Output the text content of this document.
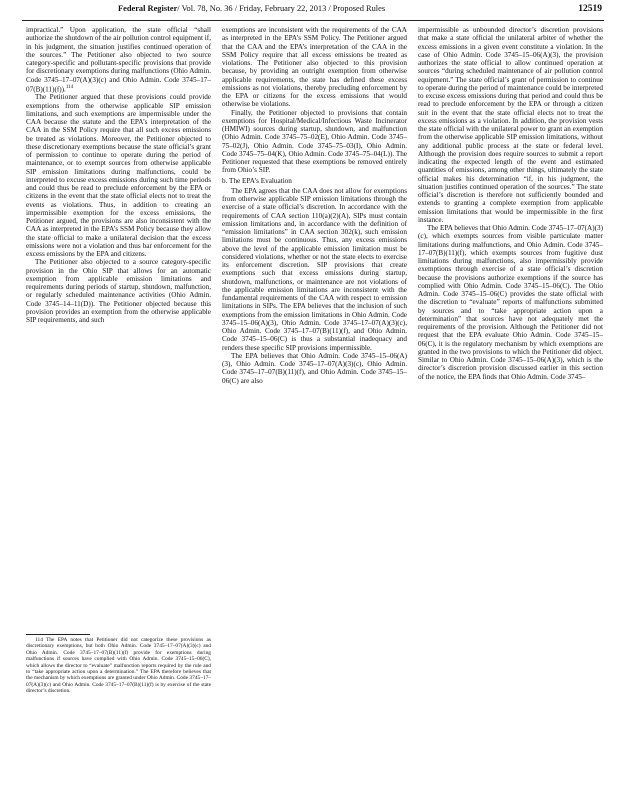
Federal Register / Vol. 78, No. 36 / Friday, February 22, 2013 / Proposed Rules	12519

impractical.” Upon application, the state official “shall authorize the shutdown of the air pollution control equipment if, in his judgment, the situation justifies continued operation of the sources.” The Petitioner also objected to two source category-specific and pollutant-specific provisions that provide for discretionary exemptions during malfunctions (Ohio Admin. Code 3745–17–07(A)(3)(c) and Ohio Admin. Code 3745–17–07(B)(11)(f)).$^{114}$

The Petitioner argued that these provisions could provide exemptions from the otherwise applicable SIP emission limitations, and such exemptions are impermissible under the CAA because the statute and the EPA’s interpretation of the CAA in the SSM Policy require that all such excess emissions be treated as violations. Moreover, the Petitioner objected to these discretionary exemptions because the state official’s grant of permission to continue to operate during the period of maintenance, or to exempt sources from otherwise applicable SIP emission limitations during malfunctions, could be interpreted to excuse excess emissions during such time periods and could thus be read to preclude enforcement by the EPA or citizens in the event that the state official elects not to treat the events as violations. Thus, in addition to creating an impermissible exemption for the excess emissions, the Petitioner argued, the provisions are also inconsistent with the CAA as interpreted in the EPA’s SSM Policy because they allow the state official to make a unilateral decision that the excess emissions were not a violation and thus bar enforcement for the excess emissions by the EPA and citizens.

The Petitioner also objected to a source category-specific provision in the Ohio SIP that allows for an automatic exemption from applicable emission limitations and requirements during periods of startup, shutdown, malfunction, or regularly scheduled maintenance activities (Ohio Admin. Code 3745–14–11(D)). The Petitioner objected because this provision provides an exemption from the otherwise applicable SIP requirements, and such

114 The EPA notes that Petitioner did not categorize these provisions as discretionary exemptions, but both Ohio Admin. Code 3745–17–07(A)(3)(c) and Ohio Admin. Code 3745–17–07(B)(11)(f) provide for exemptions during malfunctions if sources have complied with Ohio Admin. Code 3745–15–06(C), which allows the director to “evaluate” malfunction reports required by the rule and to “take appropriate action upon a determination.” The EPA therefore believes that the mechanism by which exemptions are granted under Ohio Admin. Code 3745–17–07(A)(3)(c) and Ohio Admin. Code 3745–17–07(B)(11)(f) is by exercise of the state director’s discretion.

exemptions are inconsistent with the requirements of the CAA as interpreted in the EPA’s SSM Policy. The Petitioner argued that the CAA and the EPA’s interpretation of the CAA in the SSM Policy require that all excess emissions be treated as violations. The Petitioner also objected to this provision because, by providing an outright exemption from otherwise applicable requirements, the state has defined these excess emissions as not violations, thereby precluding enforcement by the EPA or citizens for the excess emissions that would otherwise be violations.

Finally, the Petitioner objected to provisions that contain exemptions for Hospital/Medical/Infectious Waste Incinerator (HMIWI) sources during startup, shutdown, and malfunction (Ohio Admin. Code 3745–75–02(E), Ohio Admin. Code 3745–75–02(J), Ohio Admin. Code 3745–75–03(I), Ohio Admin. Code 3745–75–04(K), Ohio Admin. Code 3745–75–04(L)). The Petitioner requested that these exemptions be removed entirely from Ohio’s SIP.

b. The EPA’s Evaluation

The EPA agrees that the CAA does not allow for exemptions from otherwise applicable SIP emission limitations through the exercise of a state official’s discretion. In accordance with the requirements of CAA section 110(a)(2)(A), SIPs must contain emission limitations and, in accordance with the definition of “emission limitations” in CAA section 302(k), such emission limitations must be continuous. Thus, any excess emissions above the level of the applicable emission limitation must be considered violations, whether or not the state elects to exercise its enforcement discretion. SIP provisions that create exemptions such that excess emissions during startup, shutdown, malfunctions, or maintenance are not violations of the applicable emission limitations are inconsistent with the fundamental requirements of the CAA with respect to emission limitations in SIPs. The EPA believes that the inclusion of such exemptions from the emission limitations in Ohio Admin. Code 3745–15–06(A)(3), Ohio Admin. Code 3745–17–07(A)(3)(c), Ohio Admin. Code 3745–17–07(B)(11)(f), and Ohio Admin. Code 3745–15–06(C) is thus a substantial inadequacy and renders these specific SIP provisions impermissible.

The EPA believes that Ohio Admin. Code 3745–15–06(A)(3), Ohio Admin. Code 3745–17–07(A)(3)(c), Ohio Admin. Code 3745–17–07(B)(11)(f), and Ohio Admin. Code 3745–15–06(C) are also

impermissible as unbounded director’s discretion provisions that make a state official the unilateral arbiter of whether the excess emissions in a given event constitute a violation. In the case of Ohio Admin. Code 3745–15–06(A)(3), the provision authorizes the state official to allow continued operation at sources “during scheduled maintenance of air pollution control equipment.” The state official’s grant of permission to continue to operate during the period of maintenance could be interpreted to excuse excess emissions during that period and could thus be read to preclude enforcement by the EPA or through a citizen suit in the event that the state official elects not to treat the excess emissions as a violation. In addition, the provision vests the state official with the unilateral power to grant an exemption from the otherwise applicable SIP emission limitations, without any additional public process at the state or federal level. Although the provision does require sources to submit a report indicating the expected length of the event and estimated quantities of emissions, among other things, ultimately the state official makes his determination “if, in his judgment, the situation justifies continued operation of the sources.” The state official’s discretion is therefore not sufficiently bounded and extends to granting a complete exemption from applicable emission limitations that would be impermissible in the first instance.

The EPA believes that Ohio Admin. Code 3745–17–07(A)(3)(c), which exempts sources from visible particulate matter limitations during malfunctions, and Ohio Admin. Code 3745–17–07(B)(11)(f), which exempts sources from fugitive dust limitations during malfunctions, also impermissibly provide exemptions through exercise of a state official’s discretion because the provisions authorize exemptions if the source has complied with Ohio Admin. Code 3745–15–06(C). The Ohio Admin. Code 3745–15–06(C) provides the state official with the discretion to “evaluate” reports of malfunctions submitted by sources and to “take appropriate action upon a determination” that sources have not adequately met the requirements of the provision. Although the Petitioner did not request that the EPA evaluate Ohio Admin. Code 3745–15–06(C), it is the regulatory mechanism by which exemptions are granted in the two provisions to which the Petitioner did object. Similar to Ohio Admin. Code 3745–15–06(A)(3), which is the director’s discretion provision discussed earlier in this section of the notice, the EPA finds that Ohio Admin. Code 3745–
